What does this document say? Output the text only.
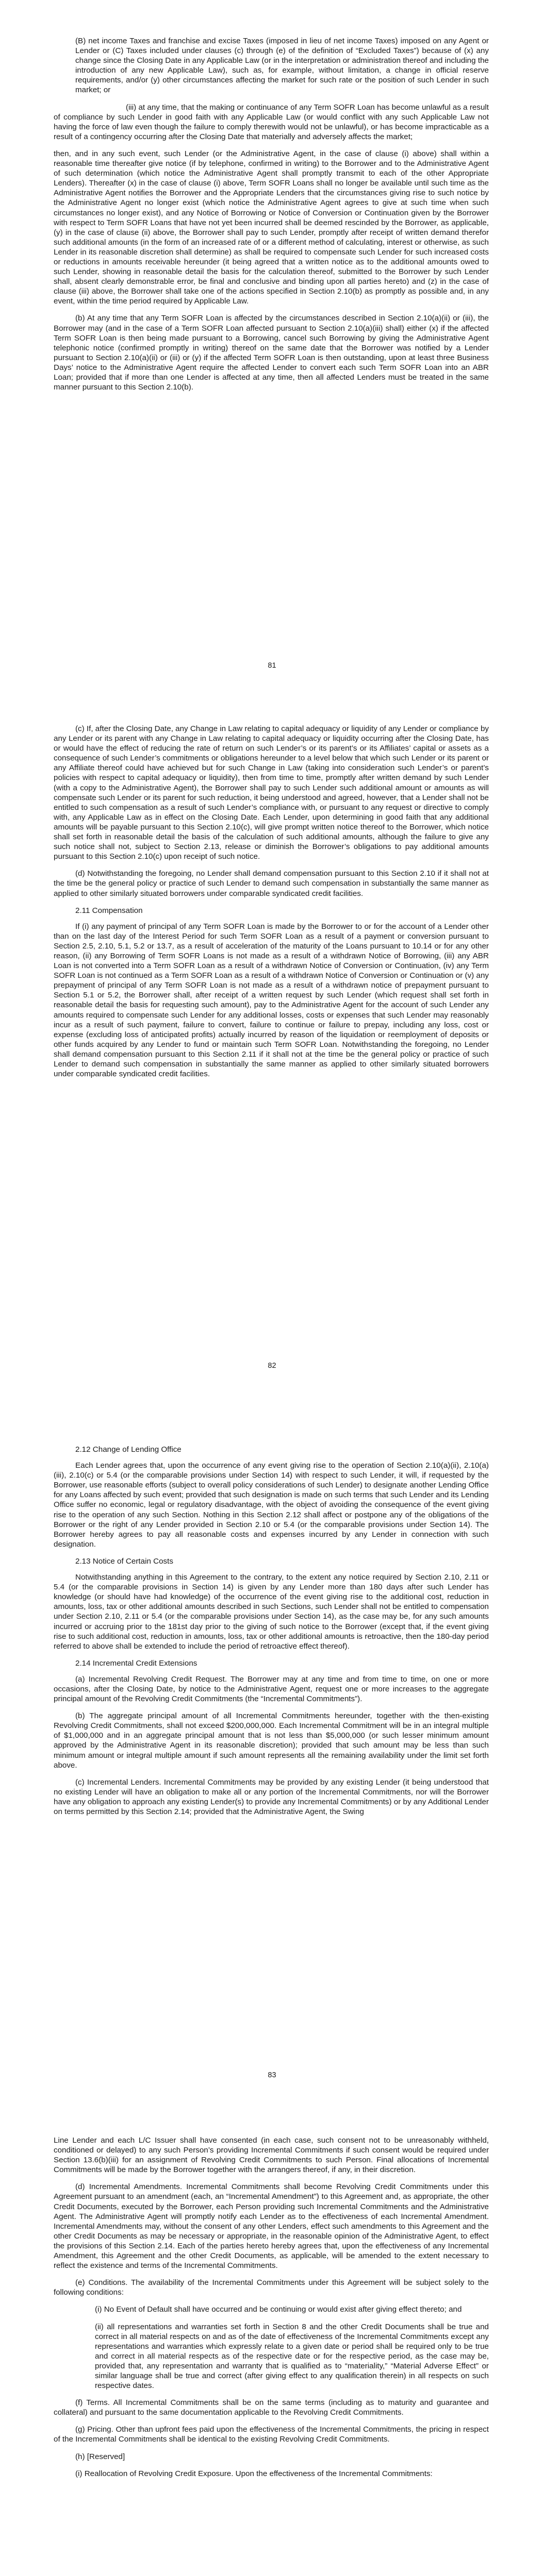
(B) net income Taxes and franchise and excise Taxes (imposed in lieu of net income Taxes) imposed on any Agent or Lender or (C) Taxes included under clauses (c) through (e) of the definition of “Excluded Taxes”) because of (x) any change since the Closing Date in any Applicable Law (or in the interpretation or administration thereof and including the introduction of any new Applicable Law), such as, for example, without limitation, a change in official reserve requirements, and/or (y) other circumstances affecting the market for such rate or the position of such Lender in such market; or

(iii) at any time, that the making or continuance of any Term SOFR Loan has become unlawful as a result of compliance by such Lender in good faith with any Applicable Law (or would conflict with any such Applicable Law not having the force of law even though the failure to comply therewith would not be unlawful), or has become impracticable as a result of a contingency occurring after the Closing Date that materially and adversely affects the market;

then, and in any such event, such Lender (or the Administrative Agent, in the case of clause (i) above) shall within a reasonable time thereafter give notice (if by telephone, confirmed in writing) to the Borrower and to the Administrative Agent of such determination (which notice the Administrative Agent shall promptly transmit to each of the other Appropriate Lenders). Thereafter (x) in the case of clause (i) above, Term SOFR Loans shall no longer be available until such time as the Administrative Agent notifies the Borrower and the Appropriate Lenders that the circumstances giving rise to such notice by the Administrative Agent no longer exist (which notice the Administrative Agent agrees to give at such time when such circumstances no longer exist), and any Notice of Borrowing or Notice of Conversion or Continuation given by the Borrower with respect to Term SOFR Loans that have not yet been incurred shall be deemed rescinded by the Borrower, as applicable, (y) in the case of clause (ii) above, the Borrower shall pay to such Lender, promptly after receipt of written demand therefor such additional amounts (in the form of an increased rate of or a different method of calculating, interest or otherwise, as such Lender in its reasonable discretion shall determine) as shall be required to compensate such Lender for such increased costs or reductions in amounts receivable hereunder (it being agreed that a written notice as to the additional amounts owed to such Lender, showing in reasonable detail the basis for the calculation thereof, submitted to the Borrower by such Lender shall, absent clearly demonstrable error, be final and conclusive and binding upon all parties hereto) and (z) in the case of clause (iii) above, the Borrower shall take one of the actions specified in Section 2.10(b) as promptly as possible and, in any event, within the time period required by Applicable Law.

(b) At any time that any Term SOFR Loan is affected by the circumstances described in Section 2.10(a)(ii) or (iii), the Borrower may (and in the case of a Term SOFR Loan affected pursuant to Section 2.10(a)(iii) shall) either (x) if the affected Term SOFR Loan is then being made pursuant to a Borrowing, cancel such Borrowing by giving the Administrative Agent telephonic notice (confirmed promptly in writing) thereof on the same date that the Borrower was notified by a Lender pursuant to Section 2.10(a)(ii) or (iii) or (y) if the affected Term SOFR Loan is then outstanding, upon at least three Business Days’ notice to the Administrative Agent require the affected Lender to convert each such Term SOFR Loan into an ABR Loan; provided that if more than one Lender is affected at any time, then all affected Lenders must be treated in the same manner pursuant to this Section 2.10(b).

81

(c) If, after the Closing Date, any Change in Law relating to capital adequacy or liquidity of any Lender or compliance by any Lender or its parent with any Change in Law relating to capital adequacy or liquidity occurring after the Closing Date, has or would have the effect of reducing the rate of return on such Lender’s or its parent’s or its Affiliates’ capital or assets as a consequence of such Lender’s commitments or obligations hereunder to a level below that which such Lender or its parent or any Affiliate thereof could have achieved but for such Change in Law (taking into consideration such Lender’s or parent’s policies with respect to capital adequacy or liquidity), then from time to time, promptly after written demand by such Lender (with a copy to the Administrative Agent), the Borrower shall pay to such Lender such additional amount or amounts as will compensate such Lender or its parent for such reduction, it being understood and agreed, however, that a Lender shall not be entitled to such compensation as a result of such Lender’s compliance with, or pursuant to any request or directive to comply with, any Applicable Law as in effect on the Closing Date. Each Lender, upon determining in good faith that any additional amounts will be payable pursuant to this Section 2.10(c), will give prompt written notice thereof to the Borrower, which notice shall set forth in reasonable detail the basis of the calculation of such additional amounts, although the failure to give any such notice shall not, subject to Section 2.13, release or diminish the Borrower’s obligations to pay additional amounts pursuant to this Section 2.10(c) upon receipt of such notice.

(d) Notwithstanding the foregoing, no Lender shall demand compensation pursuant to this Section 2.10 if it shall not at the time be the general policy or practice of such Lender to demand such compensation in substantially the same manner as applied to other similarly situated borrowers under comparable syndicated credit facilities.

2.11 Compensation

If (i) any payment of principal of any Term SOFR Loan is made by the Borrower to or for the account of a Lender other than on the last day of the Interest Period for such Term SOFR Loan as a result of a payment or conversion pursuant to Section 2.5, 2.10, 5.1, 5.2 or 13.7, as a result of acceleration of the maturity of the Loans pursuant to 10.14 or for any other reason, (ii) any Borrowing of Term SOFR Loans is not made as a result of a withdrawn Notice of Borrowing, (iii) any ABR Loan is not converted into a Term SOFR Loan as a result of a withdrawn Notice of Conversion or Continuation, (iv) any Term SOFR Loan is not continued as a Term SOFR Loan as a result of a withdrawn Notice of Conversion or Continuation or (v) any prepayment of principal of any Term SOFR Loan is not made as a result of a withdrawn notice of prepayment pursuant to Section 5.1 or 5.2, the Borrower shall, after receipt of a written request by such Lender (which request shall set forth in reasonable detail the basis for requesting such amount), pay to the Administrative Agent for the account of such Lender any amounts required to compensate such Lender for any additional losses, costs or expenses that such Lender may reasonably incur as a result of such payment, failure to convert, failure to continue or failure to prepay, including any loss, cost or expense (excluding loss of anticipated profits) actually incurred by reason of the liquidation or reemployment of deposits or other funds acquired by any Lender to fund or maintain such Term SOFR Loan. Notwithstanding the foregoing, no Lender shall demand compensation pursuant to this Section 2.11 if it shall not at the time be the general policy or practice of such Lender to demand such compensation in substantially the same manner as applied to other similarly situated borrowers under comparable syndicated credit facilities.

82
2.12 Change of Lending Office

Each Lender agrees that, upon the occurrence of any event giving rise to the operation of Section 2.10(a)(ii), 2.10(a)(iii), 2.10(c) or 5.4 (or the comparable provisions under Section 14) with respect to such Lender, it will, if requested by the Borrower, use reasonable efforts (subject to overall policy considerations of such Lender) to designate another Lending Office for any Loans affected by such event; provided that such designation is made on such terms that such Lender and its Lending Office suffer no economic, legal or regulatory disadvantage, with the object of avoiding the consequence of the event giving rise to the operation of any such Section. Nothing in this Section 2.12 shall affect or postpone any of the obligations of the Borrower or the right of any Lender provided in Section 2.10 or 5.4 (or the comparable provisions under Section 14). The Borrower hereby agrees to pay all reasonable costs and expenses incurred by any Lender in connection with such designation.

2.13 Notice of Certain Costs

Notwithstanding anything in this Agreement to the contrary, to the extent any notice required by Section 2.10, 2.11 or 5.4 (or the comparable provisions in Section 14) is given by any Lender more than 180 days after such Lender has knowledge (or should have had knowledge) of the occurrence of the event giving rise to the additional cost, reduction in amounts, loss, tax or other additional amounts described in such Sections, such Lender shall not be entitled to compensation under Section 2.10, 2.11 or 5.4 (or the comparable provisions under Section 14), as the case may be, for any such amounts incurred or accruing prior to the 181st day prior to the giving of such notice to the Borrower (except that, if the event giving rise to such additional cost, reduction in amounts, loss, tax or other additional amounts is retroactive, then the 180-day period referred to above shall be extended to include the period of retroactive effect thereof).

2.14 Incremental Credit Extensions

(a) Incremental Revolving Credit Request. The Borrower may at any time and from time to time, on one or more occasions, after the Closing Date, by notice to the Administrative Agent, request one or more increases to the aggregate principal amount of the Revolving Credit Commitments (the “Incremental Commitments”).

(b) The aggregate principal amount of all Incremental Commitments hereunder, together with the then-existing Revolving Credit Commitments, shall not exceed $200,000,000. Each Incremental Commitment will be in an integral multiple of $1,000,000 and in an aggregate principal amount that is not less than $5,000,000 (or such lesser minimum amount approved by the Administrative Agent in its reasonable discretion); provided that such amount may be less than such minimum amount or integral multiple amount if such amount represents all the remaining availability under the limit set forth above.

(c) Incremental Lenders. Incremental Commitments may be provided by any existing Lender (it being understood that no existing Lender will have an obligation to make all or any portion of the Incremental Commitments, nor will the Borrower have any obligation to approach any existing Lender(s) to provide any Incremental Commitments) or by any Additional Lender on terms permitted by this Section 2.14; provided that the Administrative Agent, the Swing

83

Line Lender and each L/C Issuer shall have consented (in each case, such consent not to be unreasonably withheld, conditioned or delayed) to any such Person’s providing Incremental Commitments if such consent would be required under Section 13.6(b)(iii) for an assignment of Revolving Credit Commitments to such Person. Final allocations of Incremental Commitments will be made by the Borrower together with the arrangers thereof, if any, in their discretion.

(d) Incremental Amendments. Incremental Commitments shall become Revolving Credit Commitments under this Agreement pursuant to an amendment (each, an “Incremental Amendment”) to this Agreement and, as appropriate, the other Credit Documents, executed by the Borrower, each Person providing such Incremental Commitments and the Administrative Agent. The Administrative Agent will promptly notify each Lender as to the effectiveness of each Incremental Amendment. Incremental Amendments may, without the consent of any other Lenders, effect such amendments to this Agreement and the other Credit Documents as may be necessary or appropriate, in the reasonable opinion of the Administrative Agent, to effect the provisions of this Section 2.14. Each of the parties hereto hereby agrees that, upon the effectiveness of any Incremental Amendment, this Agreement and the other Credit Documents, as applicable, will be amended to the extent necessary to reflect the existence and terms of the Incremental Commitments.

(e) Conditions. The availability of the Incremental Commitments under this Agreement will be subject solely to the following conditions:

(i) No Event of Default shall have occurred and be continuing or would exist after giving effect thereto; and

(ii) all representations and warranties set forth in Section 8 and the other Credit Documents shall be true and correct in all material respects on and as of the date of effectiveness of the Incremental Commitments except any representations and warranties which expressly relate to a given date or period shall be required only to be true and correct in all material respects as of the respective date or for the respective period, as the case may be, provided that, any representation and warranty that is qualified as to “materiality,” “Material Adverse Effect” or similar language shall be true and correct (after giving effect to any qualification therein) in all respects on such respective dates.

(f) Terms. All Incremental Commitments shall be on the same terms (including as to maturity and guarantee and collateral) and pursuant to the same documentation applicable to the Revolving Credit Commitments.

(g) Pricing. Other than upfront fees paid upon the effectiveness of the Incremental Commitments, the pricing in respect of the Incremental Commitments shall be identical to the existing Revolving Credit Commitments.

(h) [Reserved]

(i) Reallocation of Revolving Credit Exposure. Upon the effectiveness of the Incremental Commitments:
